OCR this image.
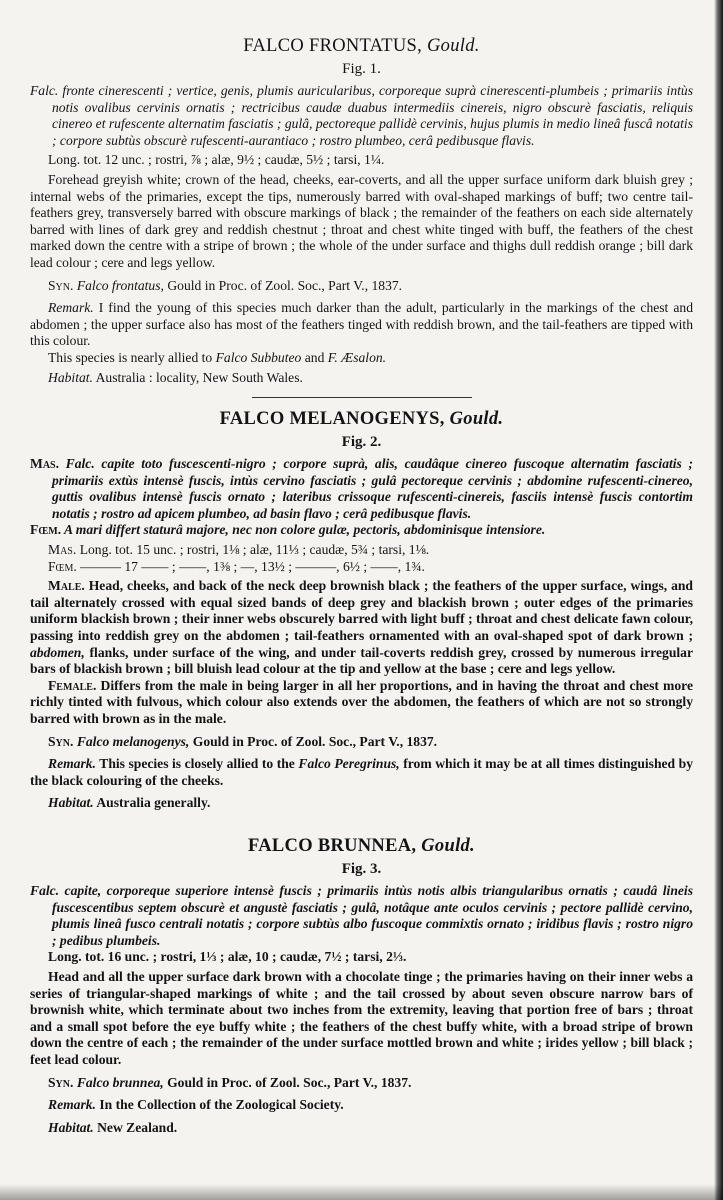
FALCO FRONTATUS, Gould.
Fig. 1.

Falc. fronte cinerescenti ; vertice, genis, plumis auricularibus, corporeque suprà cinerescenti-plumbeis ; primariis intùs notis ovalibus cervinis ornatis ; rectricibus caudæ duabus intermediis cinereis, nigro obscurè fasciatis, reliquis cinereo et rufescente alternatim fasciatis ; gulâ, pectoreque pallidè cervinis, hujus plumis in medio lineâ fuscâ notatis ; corpore subtùs obscurè rufescenti-aurantiaco ; rostro plumbeo, cerâ pedibusque flavis.

Long. tot. 12 unc. ; rostri, ⅞ ; alæ, 9½ ; caudæ, 5½ ; tarsi, 1¼.

Forehead greyish white; crown of the head, cheeks, ear-coverts, and all the upper surface uniform dark bluish grey ; internal webs of the primaries, except the tips, numerously barred with oval-shaped markings of buff; two centre tail-feathers grey, transversely barred with obscure markings of black ; the remainder of the feathers on each side alternately barred with lines of dark grey and reddish chestnut ; throat and chest white tinged with buff, the feathers of the chest marked down the centre with a stripe of brown ; the whole of the under surface and thighs dull reddish orange ; bill dark lead colour ; cere and legs yellow.

Syn. Falco frontatus, Gould in Proc. of Zool. Soc., Part V., 1837.

Remark. I find the young of this species much darker than the adult, particularly in the markings of the chest and abdomen ; the upper surface also has most of the feathers tinged with reddish brown, and the tail-feathers are tipped with this colour.

This species is nearly allied to Falco Subbuteo and F. Æsalon.

Habitat. Australia : locality, New South Wales.

FALCO MELANOGENYS, Gould.
Fig. 2.

Mas. Falc. capite toto fuscescenti-nigro ; corpore suprà, alis, caudâque cinereo fuscoque alternatim fasciatis ; primariis extùs intensè fuscis, intùs cervino fasciatis ; gulâ pectoreque cervinis ; abdomine rufescenti-cinereo, guttis ovalibus intensè fuscis ornato ; lateribus crissoque rufescenti-cinereis, fasciis intensè fuscis contortim notatis ; rostro ad apicem plumbeo, ad basin flavo ; cerâ pedibusque flavis.

Fœm. A mari differt staturâ majore, nec non colore gulæ, pectoris, abdominisque intensiore.

Mas.
Long. tot. 15 unc. ; rostri, 1⅛ ; alæ, 11⅓ ; caudæ, 5¾ ; tarsi, 1⅛.
Fœm.
——— 17 —— ; ——, 1⅜ ; —, 13½ ; ———, 6½ ; ——, 1¾.

Male. Head, cheeks, and back of the neck deep brownish black ; the feathers of the upper surface, wings, and tail alternately crossed with equal sized bands of deep grey and blackish brown ; outer edges of the primaries uniform blackish brown ; their inner webs obscurely barred with light buff ; throat and chest delicate fawn colour, passing into reddish grey on the abdomen ; tail-feathers ornamented with an oval-shaped spot of dark brown ; abdomen, flanks, under surface of the wing, and under tail-coverts reddish grey, crossed by numerous irregular bars of blackish brown ; bill bluish lead colour at the tip and yellow at the base ; cere and legs yellow.

Female. Differs from the male in being larger in all her proportions, and in having the throat and chest more richly tinted with fulvous, which colour also extends over the abdomen, the feathers of which are not so strongly barred with brown as in the male.

Syn. Falco melanogenys, Gould in Proc. of Zool. Soc., Part V., 1837.

Remark. This species is closely allied to the Falco Peregrinus, from which it may be at all times distinguished by the black colouring of the cheeks.

Habitat. Australia generally.

FALCO BRUNNEA, Gould.
Fig. 3.

Falc. capite, corporeque superiore intensè fuscis ; primariis intùs notis albis triangularibus ornatis ; caudâ lineis fuscescentibus septem obscurè et angustè fasciatis ; gulâ, notâque ante oculos cervinis ; pectore pallidè cervino, plumis lineâ fusco centrali notatis ; corpore subtùs albo fuscoque commixtis ornato ; iridibus flavis ; rostro nigro ; pedibus plumbeis.

Long. tot. 16 unc. ; rostri, 1⅓ ; alæ, 10 ; caudæ, 7½ ; tarsi, 2⅓.

Head and all the upper surface dark brown with a chocolate tinge ; the primaries having on their inner webs a series of triangular-shaped markings of white ; and the tail crossed by about seven obscure narrow bars of brownish white, which terminate about two inches from the extremity, leaving that portion free of bars ; throat and a small spot before the eye buffy white ; the feathers of the chest buffy white, with a broad stripe of brown down the centre of each ; the remainder of the under surface mottled brown and white ; irides yellow ; bill black ; feet lead colour.

Syn. Falco brunnea, Gould in Proc. of Zool. Soc., Part V., 1837.

Remark. In the Collection of the Zoological Society.

Habitat. New Zealand.
